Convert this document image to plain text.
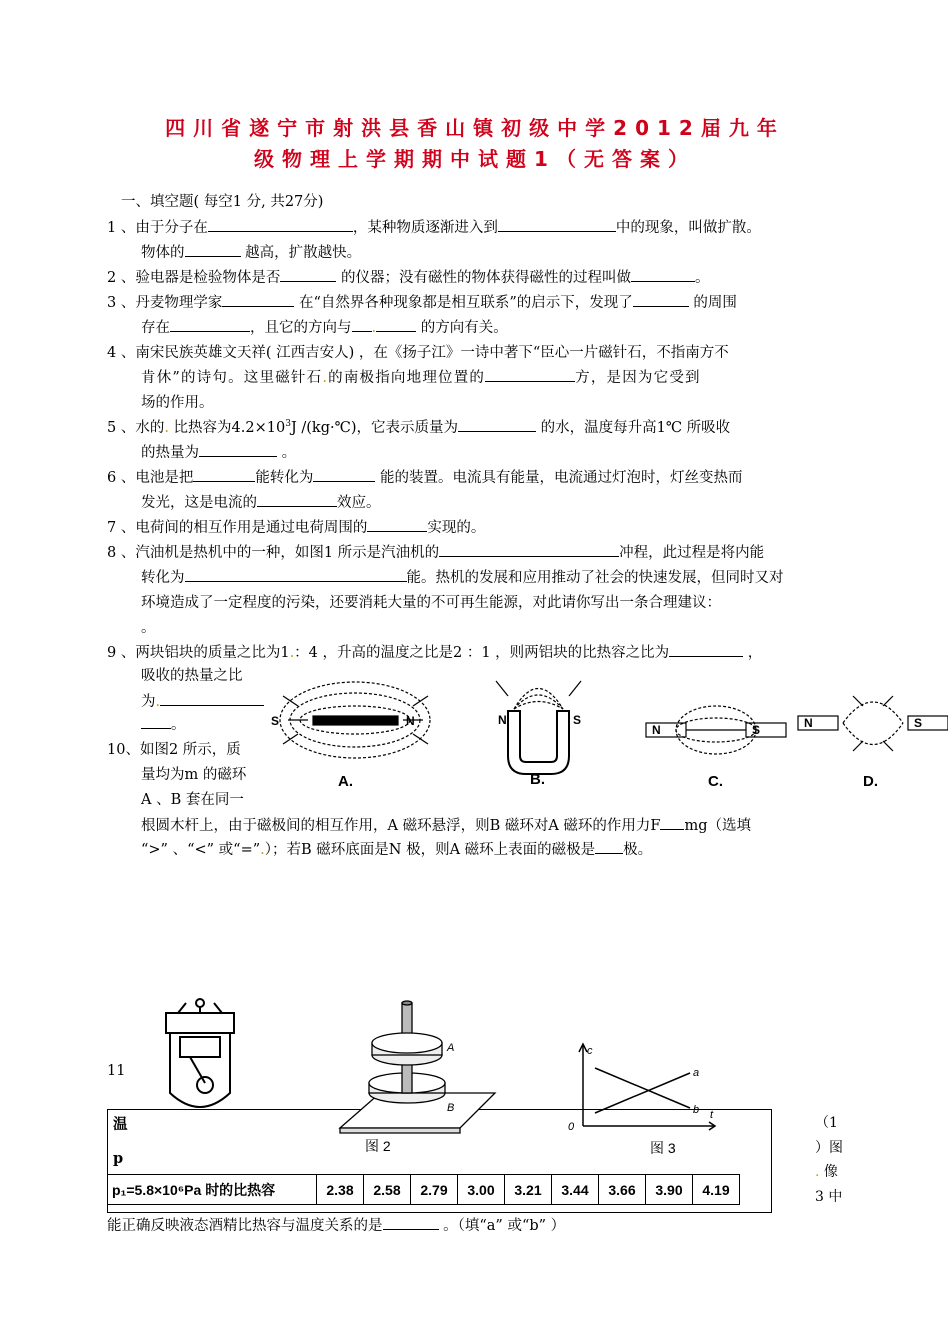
四川省遂宁市射洪县香山镇初级中学2012届九年
级物理上学期期中试题1（无答案）
一、填空题( 每空1 分, 共27分)
1 、由于分子在	，某种物质逐渐进入到	中的现象，叫做扩散。
物体的	越高，扩散越快。
2 、验电器是检验物体是否	的仪器；没有磁性的物体获得磁性的过程叫做	。
3 、丹麦物理学家	在“自然界各种现象都是相互联系”的启示下，发现了	的周围
存在	，且它的方向与 .	的方向有关。
4 、南宋民族英雄文天祥( 江西吉安人) ，在《扬子江》一诗中著下“臣心一片磁针石，不指南方不
肯休”的诗句。这里磁针石.的南极指向地理位置的	方，是因为它受到
场的作用。
5 、水的. 比热容为$4.2\times 10^3J$ /(kg·℃)，它表示质量为	的水，温度每升高1℃ 所吸收
的热量为	。
6 、电池是把	能转化为	能的装置。电流具有能量，电流通过灯泡时，灯丝变热而
发光，这是电流的	效应。
7 、电荷间的相互作用是通过电荷周围的	实现的。
8 、汽油机是热机中的一种，如图1 所示是汽油机的	冲程，此过程是将内能
转化为	能。热机的发展和应用推动了社会的快速发展，但同时又对
环境造成了一定程度的污染，还要消耗大量的不可再生能源，对此请你写出一条合理建议：
。
9 、两块铝块的质量之比为1.：4 ，升高的温度之比是2 ：1 ，则两铝块的比热容之比为	，
吸收的热量之比
为.
。
10、如图2 所示，质
量均为m 的磁环
A 、B 套在同一
根圆木杆上，由于磁极间的相互作用，A 磁环悬浮，则B 磁环对A 磁环的作用力F mg（选填
“>” 、“<” 或“=”.）；若B 磁环底面是N 极，则A 磁环上表面的磁极是 极。
S	N	N	S
N	S	N	S
A.	B.	C.	D.
11
温
p
p₁=5.8×10⁶Pa 时的比热容	2.38	2.58	2.79	3.00	3.21	3.44	3.66	3.90	4.19
A
B
图 2
c
t
0
a
b
图 3
（1
）图
. 像
3 中
能正确反映液态酒精比热容与温度关系的是	。（填“a” 或“b” ）
